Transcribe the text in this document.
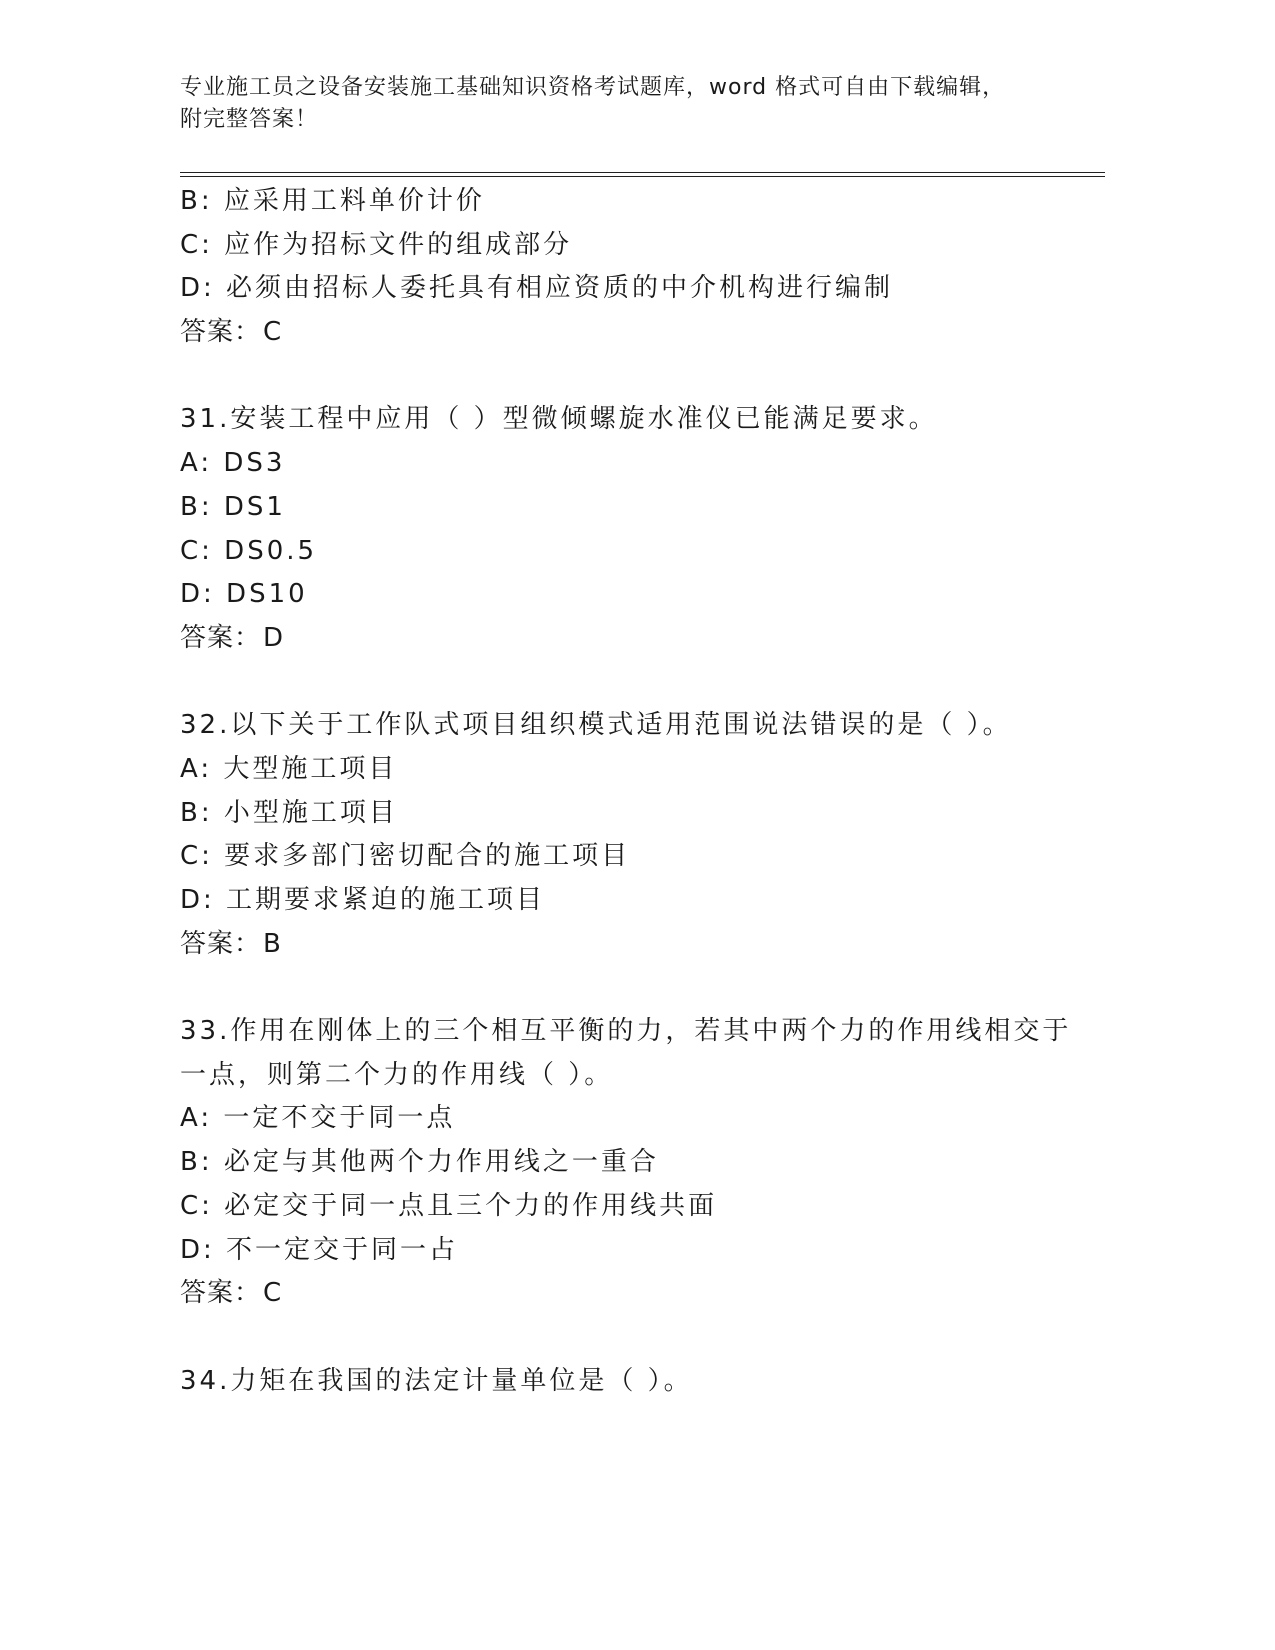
专业施工员之设备安装施工基础知识资格考试题库，word 格式可自由下载编辑，
附完整答案！

B: 应采用工料单价计价

C: 应作为招标文件的组成部分

D: 必须由招标人委托具有相应资质的中介机构进行编制

答案：C

31.安装工程中应用（ ）型微倾螺旋水准仪已能满足要求。

A: DS3

B: DS1

C: DS0.5

D: DS10

答案：D

32.以下关于工作队式项目组织模式适用范围说法错误的是（ ）。

A: 大型施工项目

B: 小型施工项目

C: 要求多部门密切配合的施工项目

D: 工期要求紧迫的施工项目

答案：B

33.作用在刚体上的三个相互平衡的力，若其中两个力的作用线相交于

一点，则第二个力的作用线（ ）。

A: 一定不交于同一点

B: 必定与其他两个力作用线之一重合

C: 必定交于同一点且三个力的作用线共面

D: 不一定交于同一占

答案：C

34.力矩在我国的法定计量单位是（ ）。
